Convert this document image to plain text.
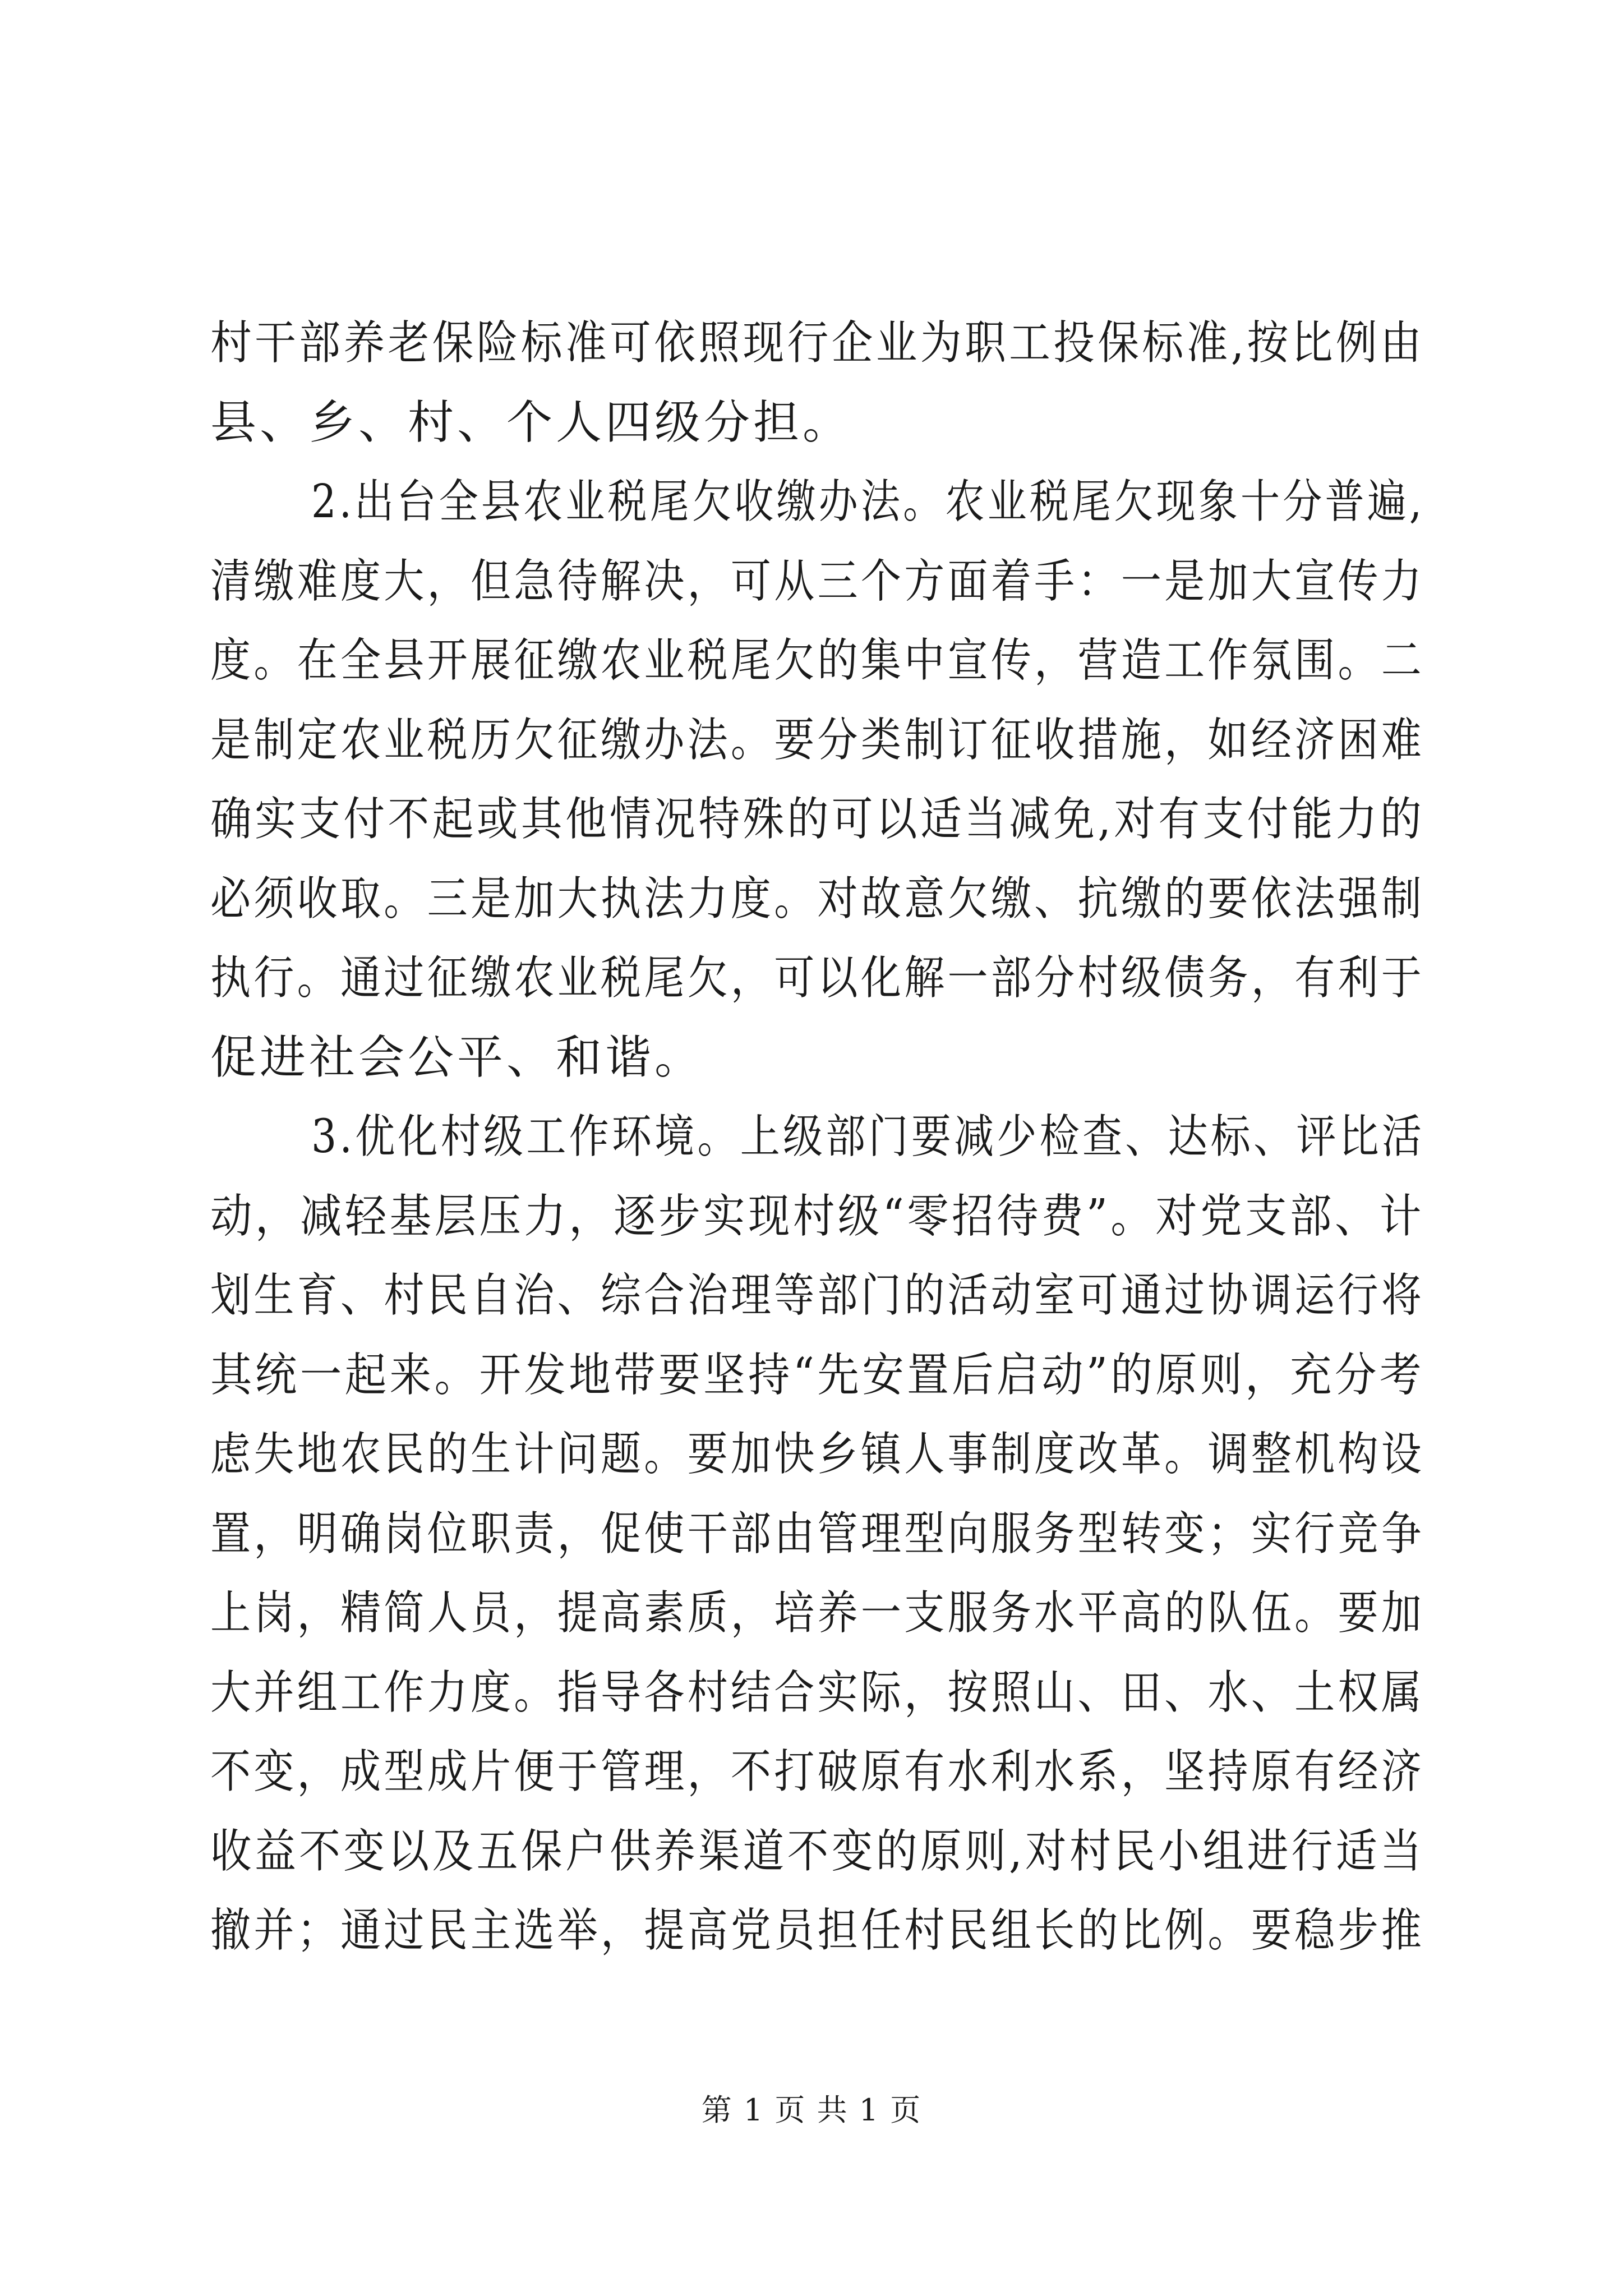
村干部养老保险标准可依照现行企业为职工投保标准,按比例由
县、乡、村、个人四级分担。
2.出台全县农业税尾欠收缴办法。农业税尾欠现象十分普遍,
清缴难度大，但急待解决，可从三个方面着手：一是加大宣传力
度。在全县开展征缴农业税尾欠的集中宣传，营造工作氛围。二
是制定农业税历欠征缴办法。要分类制订征收措施，如经济困难
确实支付不起或其他情况特殊的可以适当减免,对有支付能力的
必须收取。三是加大执法力度。对故意欠缴、抗缴的要依法强制
执行。通过征缴农业税尾欠，可以化解一部分村级债务，有利于
促进社会公平、和谐。
3.优化村级工作环境。上级部门要减少检查、达标、评比活
动，减轻基层压力，逐步实现村级“零招待费”。对党支部、计
划生育、村民自治、综合治理等部门的活动室可通过协调运行将
其统一起来。开发地带要坚持“先安置后启动”的原则，充分考
虑失地农民的生计问题。要加快乡镇人事制度改革。调整机构设
置，明确岗位职责，促使干部由管理型向服务型转变；实行竞争
上岗，精简人员，提高素质，培养一支服务水平高的队伍。要加
大并组工作力度。指导各村结合实际，按照山、田、水、土权属
不变，成型成片便于管理，不打破原有水利水系，坚持原有经济
收益不变以及五保户供养渠道不变的原则,对村民小组进行适当
撤并；通过民主选举，提高党员担任村民组长的比例。要稳步推
第 1 页 共 1 页
